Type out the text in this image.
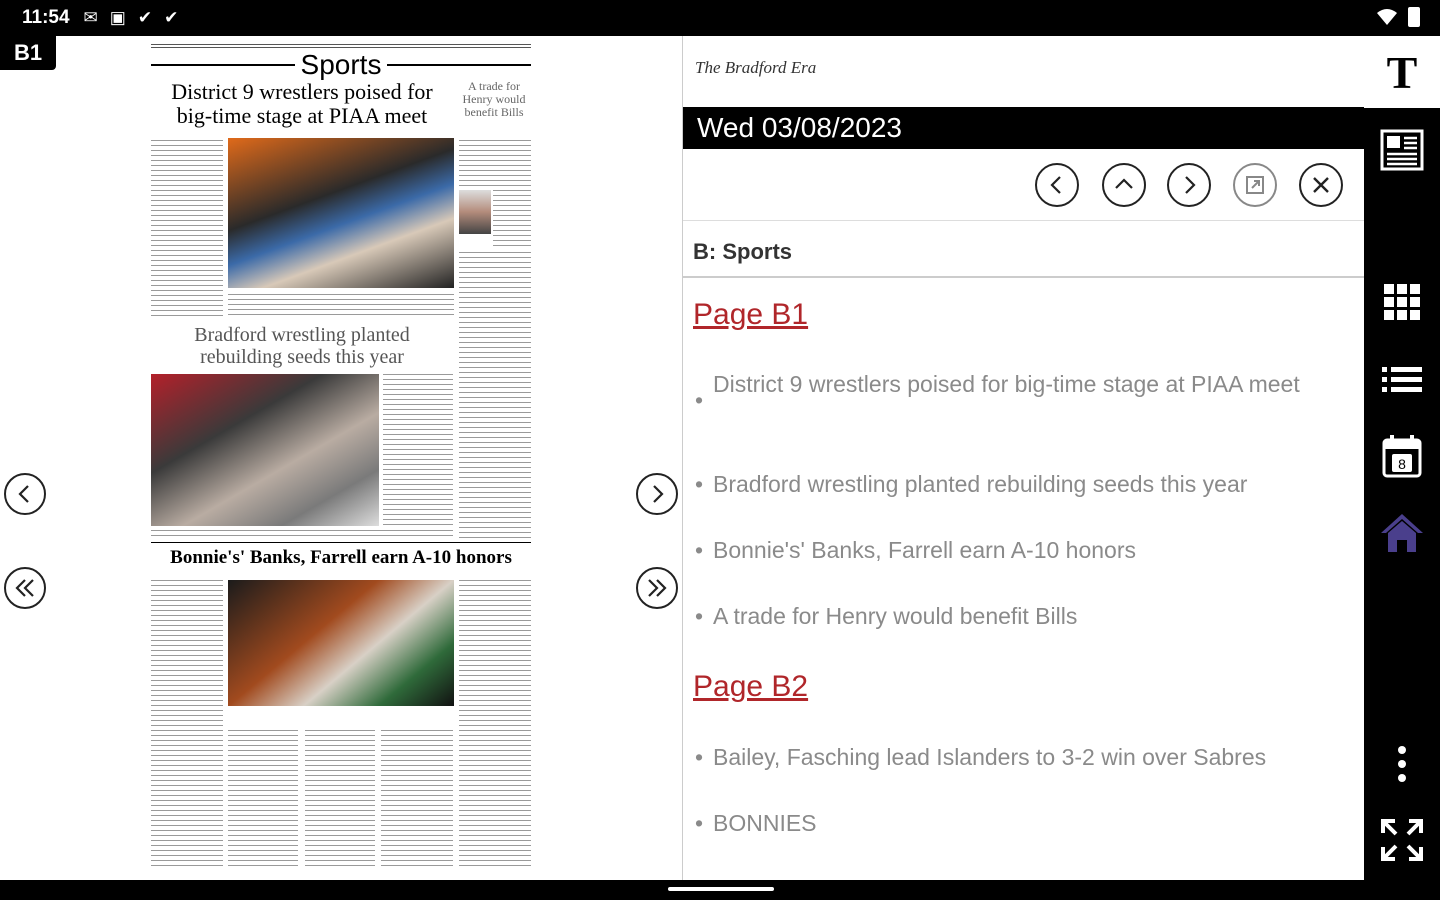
11:54 ✉ ▣ ✔ ✔
B1	Sports
District 9 wrestlers poised for big-time stage at PIAA meet
A trade for Henry would benefit Bills
Bradford wrestling planted rebuilding seeds this year
Bonnie's' Banks, Farrell earn A-10 honors
The Bradford Era
Wed 03/08/2023
B: Sports
Page B1
•
District 9 wrestlers poised for big-time stage at PIAA meet
• Bradford wrestling planted rebuilding seeds this year
• Bonnie's' Banks, Farrell earn A-10 honors
• A trade for Henry would benefit Bills
Page B2
• Bailey, Fasching lead Islanders to 3-2 win over Sabres
• BONNIES
T
8
